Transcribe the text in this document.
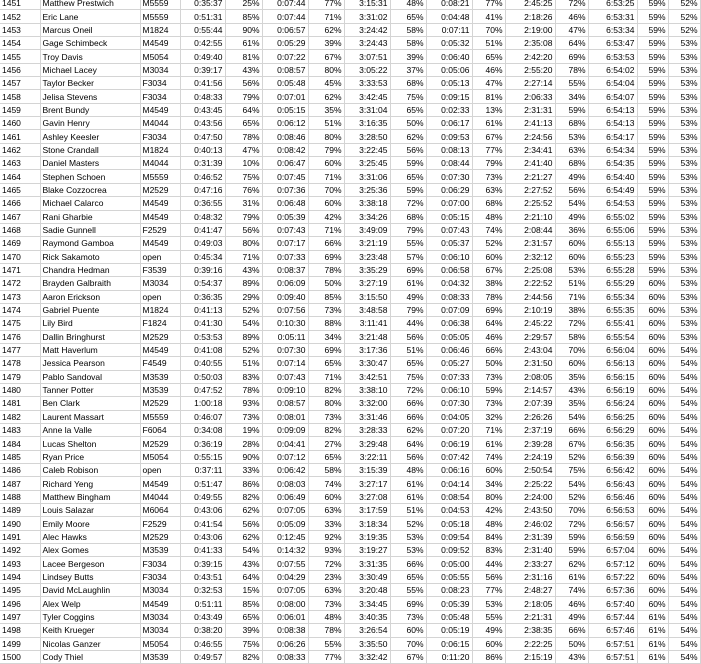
1451	Matthew Prestwich	M5559	0:35:37	25%	0:07:44	77%	3:15:31	48%	0:08:21	77%	2:45:25	72%	6:53:25	59%	52%
1452	Eric Lane	M5559	0:51:31	85%	0:07:44	71%	3:31:02	65%	0:04:48	41%	2:18:26	46%	6:53:31	59%	52%
1453	Marcus Oneil	M1824	0:55:44	90%	0:06:57	62%	3:24:42	58%	0:07:11	70%	2:19:00	47%	6:53:34	59%	52%
1454	Gage Schimbeck	M4549	0:42:55	61%	0:05:29	39%	3:24:43	58%	0:05:32	51%	2:35:08	64%	6:53:47	59%	53%
1455	Troy Davis	M5054	0:49:40	81%	0:07:22	67%	3:07:51	39%	0:06:40	65%	2:42:20	69%	6:53:53	59%	53%
1456	Michael Lacey	M3034	0:39:17	43%	0:08:57	80%	3:05:22	37%	0:05:06	46%	2:55:20	78%	6:54:02	59%	53%
1457	Taylor Becker	F3034	0:41:56	56%	0:05:48	45%	3:33:53	68%	0:05:13	47%	2:27:14	55%	6:54:04	59%	53%
1458	Jelisa Stevens	F3034	0:48:33	79%	0:07:01	62%	3:42:45	75%	0:09:15	81%	2:06:33	34%	6:54:07	59%	53%
1459	Brent Bundy	M4549	0:43:45	64%	0:05:15	35%	3:31:04	65%	0:02:33	13%	2:31:31	59%	6:54:13	59%	53%
1460	Gavin Henry	M4044	0:43:56	65%	0:06:12	51%	3:16:35	50%	0:06:17	61%	2:41:13	68%	6:54:13	59%	53%
1461	Ashley Keesler	F3034	0:47:50	78%	0:08:46	80%	3:28:50	62%	0:09:53	67%	2:24:56	53%	6:54:17	59%	53%
1462	Stone Crandall	M1824	0:40:13	47%	0:08:42	79%	3:22:45	56%	0:08:13	77%	2:34:41	63%	6:54:34	59%	53%
1463	Daniel Masters	M4044	0:31:39	10%	0:06:47	60%	3:25:45	59%	0:08:44	79%	2:41:40	68%	6:54:35	59%	53%
1464	Stephen Schoen	M5559	0:46:52	75%	0:07:45	71%	3:31:06	65%	0:07:30	73%	2:21:27	49%	6:54:40	59%	53%
1465	Blake Cozzocrea	M2529	0:47:16	76%	0:07:36	70%	3:25:36	59%	0:06:29	63%	2:27:52	56%	6:54:49	59%	53%
1466	Michael Calarco	M4549	0:36:55	31%	0:06:48	60%	3:38:18	72%	0:07:00	68%	2:25:52	54%	6:54:53	59%	53%
1467	Rani Gharbie	M4549	0:48:32	79%	0:05:39	42%	3:34:26	68%	0:05:15	48%	2:21:10	49%	6:55:02	59%	53%
1468	Sadie Gunnell	F2529	0:41:47	56%	0:07:43	71%	3:49:09	79%	0:07:43	74%	2:08:44	36%	6:55:06	59%	53%
1469	Raymond Gamboa	M4549	0:49:03	80%	0:07:17	66%	3:21:19	55%	0:05:37	52%	2:31:57	60%	6:55:13	59%	53%
1470	Rick Sakamoto	open	0:45:34	71%	0:07:33	69%	3:23:48	57%	0:06:10	60%	2:32:12	60%	6:55:23	59%	53%
1471	Chandra Hedman	F3539	0:39:16	43%	0:08:37	78%	3:35:29	69%	0:06:58	67%	2:25:08	53%	6:55:28	59%	53%
1472	Brayden Galbraith	M3034	0:54:37	89%	0:06:09	50%	3:27:19	61%	0:04:32	38%	2:22:52	51%	6:55:29	60%	53%
1473	Aaron Erickson	open	0:36:35	29%	0:09:40	85%	3:15:50	49%	0:08:33	78%	2:44:56	71%	6:55:34	60%	53%
1474	Gabriel Puente	M1824	0:41:13	52%	0:07:56	73%	3:48:58	79%	0:07:09	69%	2:10:19	38%	6:55:35	60%	53%
1475	Lily Bird	F1824	0:41:30	54%	0:10:30	88%	3:11:41	44%	0:06:38	64%	2:45:22	72%	6:55:41	60%	53%
1476	Dallin Bringhurst	M2529	0:53:53	89%	0:05:11	34%	3:21:48	56%	0:05:05	46%	2:29:57	58%	6:55:54	60%	53%
1477	Matt Haverlum	M4549	0:41:08	52%	0:07:30	69%	3:17:36	51%	0:06:46	66%	2:43:04	70%	6:56:04	60%	54%
1478	Jessica Pearson	F4549	0:40:55	51%	0:07:14	65%	3:30:47	65%	0:05:27	50%	2:31:50	60%	6:56:13	60%	54%
1479	Pablo Sandoval	M3539	0:50:03	83%	0:07:43	71%	3:42:51	75%	0:07:33	73%	2:08:05	35%	6:56:15	60%	54%
1480	Tanner Potter	M3539	0:47:52	78%	0:09:10	82%	3:38:10	72%	0:06:10	59%	2:14:57	43%	6:56:19	60%	54%
1481	Ben Clark	M2529	1:00:18	93%	0:08:57	80%	3:32:00	66%	0:07:30	73%	2:07:39	35%	6:56:24	60%	54%
1482	Laurent Massart	M5559	0:46:07	73%	0:08:01	73%	3:31:46	66%	0:04:05	32%	2:26:26	54%	6:56:25	60%	54%
1483	Anne la Valle	F6064	0:34:08	19%	0:09:09	82%	3:28:33	62%	0:07:20	71%	2:37:19	66%	6:56:29	60%	54%
1484	Lucas Shelton	M2529	0:36:19	28%	0:04:41	27%	3:29:48	64%	0:06:19	61%	2:39:28	67%	6:56:35	60%	54%
1485	Ryan Price	M5054	0:55:15	90%	0:07:12	65%	3:22:11	56%	0:07:42	74%	2:24:19	52%	6:56:39	60%	54%
1486	Caleb Robison	open	0:37:11	33%	0:06:42	58%	3:15:39	48%	0:06:16	60%	2:50:54	75%	6:56:42	60%	54%
1487	Richard Yeng	M4549	0:51:47	86%	0:08:03	74%	3:27:17	61%	0:04:14	34%	2:25:22	54%	6:56:43	60%	54%
1488	Matthew Bingham	M4044	0:49:55	82%	0:06:49	60%	3:27:08	61%	0:08:54	80%	2:24:00	52%	6:56:46	60%	54%
1489	Louis Salazar	M6064	0:43:06	62%	0:07:05	63%	3:17:59	51%	0:04:53	42%	2:43:50	70%	6:56:53	60%	54%
1490	Emily Moore	F2529	0:41:54	56%	0:05:09	33%	3:18:34	52%	0:05:18	48%	2:46:02	72%	6:56:57	60%	54%
1491	Alec Hawks	M2529	0:43:06	62%	0:12:45	92%	3:19:35	53%	0:09:54	84%	2:31:39	59%	6:56:59	60%	54%
1492	Alex Gomes	M3539	0:41:33	54%	0:14:32	93%	3:19:27	53%	0:09:52	83%	2:31:40	59%	6:57:04	60%	54%
1493	Lacee Bergeson	F3034	0:39:15	43%	0:07:55	72%	3:31:35	66%	0:05:00	44%	2:33:27	62%	6:57:12	60%	54%
1494	Lindsey Butts	F3034	0:43:51	64%	0:04:29	23%	3:30:49	65%	0:05:55	56%	2:31:16	61%	6:57:22	60%	54%
1495	David McLaughlin	M3034	0:32:53	15%	0:07:05	63%	3:20:48	55%	0:08:23	77%	2:48:27	74%	6:57:36	60%	54%
1496	Alex Welp	M4549	0:51:11	85%	0:08:00	73%	3:34:45	69%	0:05:39	53%	2:18:05	46%	6:57:40	60%	54%
1497	Tyler Coggins	M3034	0:43:49	65%	0:06:01	48%	3:40:35	73%	0:05:48	55%	2:21:31	49%	6:57:44	61%	54%
1498	Keith Krueger	M3034	0:38:20	39%	0:08:38	78%	3:26:54	60%	0:05:19	49%	2:38:35	66%	6:57:46	61%	54%
1499	Nicolas Ganzer	M5054	0:46:55	75%	0:06:26	55%	3:35:50	70%	0:06:15	60%	2:22:25	50%	6:57:51	61%	54%
1500	Cody Thiel	M3539	0:49:57	82%	0:08:33	77%	3:32:42	67%	0:11:20	86%	2:15:19	43%	6:57:51	61%	54%
